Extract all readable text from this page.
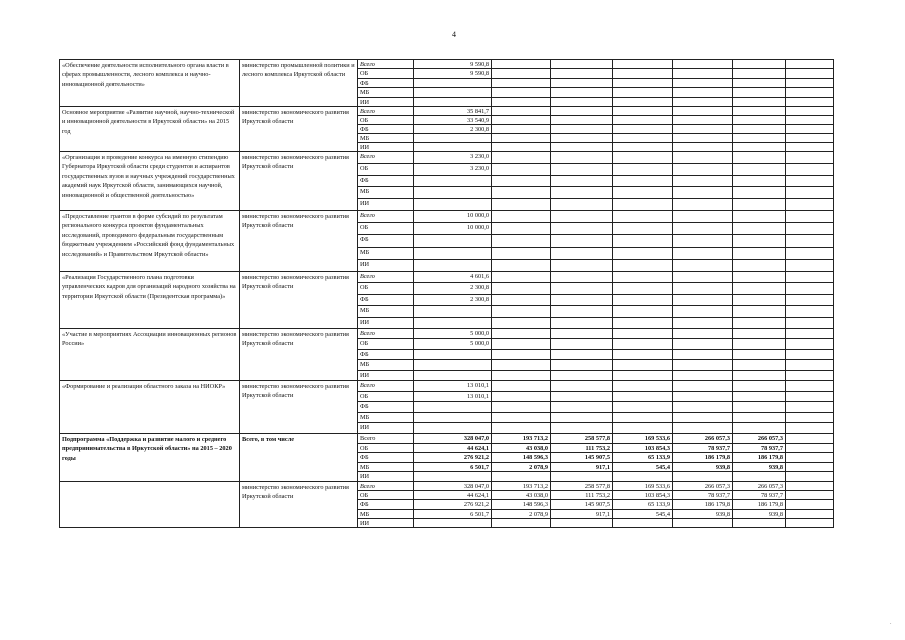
4
«Обеспечение деятельности исполнительного органа власти в сферах промышленности, лесного комплекса и научно-инновационной деятельности»
министерство промышленной политики и лесного комплекса Иркутской области
Всего	9 590,8
ОБ	9 590,8
ФБ
МБ
ИИ
Основное мероприятие «Развитие научной, научно-технической и инновационной деятельности в Иркутской области» на 2015 год
министерство экономического развития Иркутской области
Всего	35 841,7
ОБ	33 540,9
ФБ	2 300,8
МБ
ИИ
«Организация и проведение конкурса на именную стипендию Губернатора Иркутской области среди студентов и аспирантов государственных вузов и научных учреждений государственных академий наук Иркутской области, занимающихся научной, инновационной и общественной деятельностью»
министерство экономического развития Иркутской области
Всего	3 230,0
ОБ	3 230,0
ФБ
МБ
ИИ
«Предоставление грантов в форме субсидий по результатам регионального конкурса проектов фундаментальных исследований, проводимого федеральным государственным бюджетным учреждением «Российский фонд фундаментальных исследований» и Правительством Иркутской области»
министерство экономического развития Иркутской области
Всего	10 000,0
ОБ	10 000,0
ФБ
МБ
ИИ
«Реализация Государственного плана подготовки управленческих кадров для организаций народного хозяйства на территории Иркутской области (Президентская программа)»
министерство экономического развития Иркутской области
Всего	4 601,6
ОБ	2 300,8
ФБ	2 300,8
МБ
ИИ
«Участие в мероприятиях Ассоциации инновационных регионов России»
министерство экономического развития Иркутской области
Всего	5 000,0
ОБ	5 000,0
ФБ
МБ
ИИ
«Формирование и реализация областного заказа на НИОКР»	министерство экономического развития Иркутской области
Всего	13 010,1
ОБ	13 010,1
ФБ
МБ
ИИ
Подпрограмма «Поддержка и развитие малого и среднего предпринимательства в Иркутской области» на 2015 – 2020 годы
Всего, в том числе	Всего	328 047,0	193 713,2	258 577,8	169 533,6	266 057,3	266 057,3
ОБ	44 624,1	43 038,0	111 753,2	103 854,3	78 937,7	78 937,7
ФБ	276 921,2	148 596,3	145 907,5	65 133,9	186 179,8	186 179,8
МБ	6 501,7	2 078,9	917,1	545,4	939,8	939,8
ИИ
министерство экономического развития Иркутской области
Всего	328 047,0	193 713,2	258 577,8	169 533,6	266 057,3	266 057,3
ОБ	44 624,1	43 038,0	111 753,2	103 854,3	78 937,7	78 937,7
ФБ	276 921,2	148 596,3	145 907,5	65 133,9	186 179,8	186 179,8
МБ	6 501,7	2 078,9	917,1	545,4	939,8	939,8
ИИ
.
